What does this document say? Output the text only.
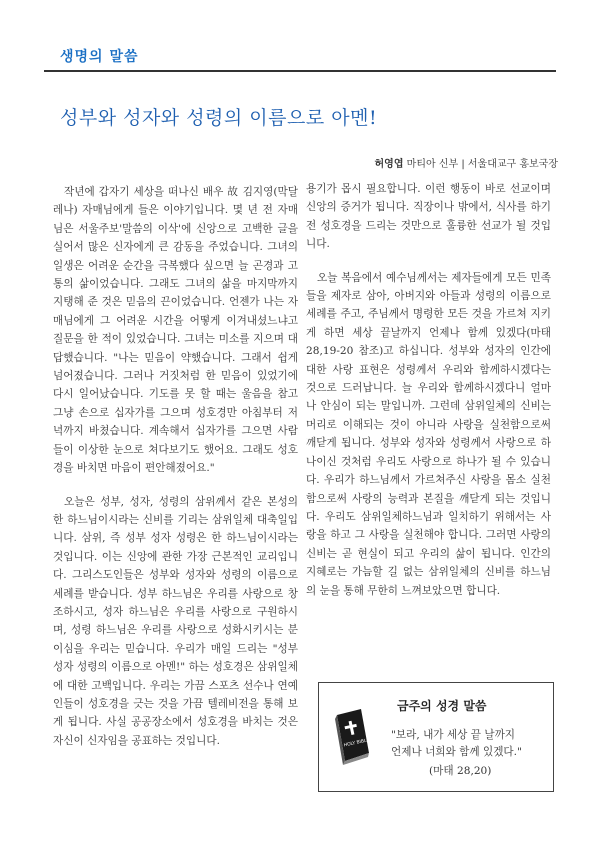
생명의 말씀
성부와 성자와 성령의 이름으로 아멘!
허영엽 마티아 신부 | 서울대교구 홍보국장

작년에 갑자기 세상을 떠나신 배우 故 김지영(막달레나) 자매님에게 들은 이야기입니다. 몇 년 전 자매님은 서울주보'말씀의 이삭'에 신앙으로 고백한 글을 실어서 많은 신자에게 큰 감동을 주었습니다. 그녀의 일생은 어려운 순간을 극복했다 싶으면 늘 곤경과 고통의 삶이었습니다. 그래도 그녀의 삶을 마지막까지 지탱해 준 것은 믿음의 끈이었습니다. 언젠가 나는 자매님에게 그 어려운 시간을 어떻게 이겨내셨느냐고 질문을 한 적이 있었습니다. 그녀는 미소를 지으며 대답했습니다. "나는 믿음이 약했습니다. 그래서 쉽게 넘어졌습니다. 그러나 거짓처럼 한 믿음이 있었기에 다시 일어났습니다. 기도를 못 할 때는 울음을 참고 그냥 손으로 십자가를 그으며 성호경만 아침부터 저녁까지 바쳤습니다. 계속해서 십자가를 그으면 사람들이 이상한 눈으로 쳐다보기도 했어요. 그래도 성호경을 바치면 마음이 편안해졌어요."

오늘은 성부, 성자, 성령의 삼위께서 같은 본성의 한 하느님이시라는 신비를 기리는 삼위일체 대축일입니다. 삼위, 즉 성부 성자 성령은 한 하느님이시라는 것입니다. 이는 신앙에 관한 가장 근본적인 교리입니다. 그리스도인들은 성부와 성자와 성령의 이름으로 세례를 받습니다. 성부 하느님은 우리를 사랑으로 창조하시고, 성자 하느님은 우리를 사랑으로 구원하시며, 성령 하느님은 우리를 사랑으로 성화시키시는 분이심을 우리는 믿습니다. 우리가 매일 드리는 "성부 성자 성령의 이름으로 아멘!" 하는 성호경은 삼위일체에 대한 고백입니다. 우리는 가끔 스포츠 선수나 연예인들이 성호경을 긋는 것을 가끔 텔레비전을 통해 보게 됩니다. 사실 공공장소에서 성호경을 바치는 것은 자신이 신자임을 공표하는 것입니다.

용기가 몹시 필요합니다. 이런 행동이 바로 선교이며 신앙의 증거가 됩니다. 직장이나 밖에서, 식사를 하기 전 성호경을 드리는 것만으로 훌륭한 선교가 될 것입니다.

오늘 복음에서 예수님께서는 제자들에게 모든 민족들을 제자로 삼아, 아버지와 아들과 성령의 이름으로 세례를 주고, 주님께서 명령한 모든 것을 가르쳐 지키게 하면 세상 끝날까지 언제나 함께 있겠다(마태 28,19-20 참조)고 하십니다. 성부와 성자의 인간에 대한 사랑 표현은 성령께서 우리와 함께하시겠다는 것으로 드러납니다. 늘 우리와 함께하시겠다니 얼마나 안심이 되는 말입니까. 그런데 삼위일체의 신비는 머리로 이해되는 것이 아니라 사랑을 실천함으로써 깨닫게 됩니다. 성부와 성자와 성령께서 사랑으로 하나이신 것처럼 우리도 사랑으로 하나가 될 수 있습니다. 우리가 하느님께서 가르쳐주신 사랑을 몸소 실천함으로써 사랑의 능력과 본질을 깨닫게 되는 것입니다. 우리도 삼위일체하느님과 일치하기 위해서는 사랑을 하고 그 사랑을 실천해야 합니다. 그러면 사랑의 신비는 곧 현실이 되고 우리의 삶이 됩니다. 인간의 지혜로는 가늠할 길 없는 삼위일체의 신비를 하느님의 눈을 통해 무한히 느껴보았으면 합니다.

HOLY BIBLE
금주의 성경 말씀
"보라, 내가 세상 끝 날까지
언제나 너희와 함께 있겠다."
(마태 28,20)
